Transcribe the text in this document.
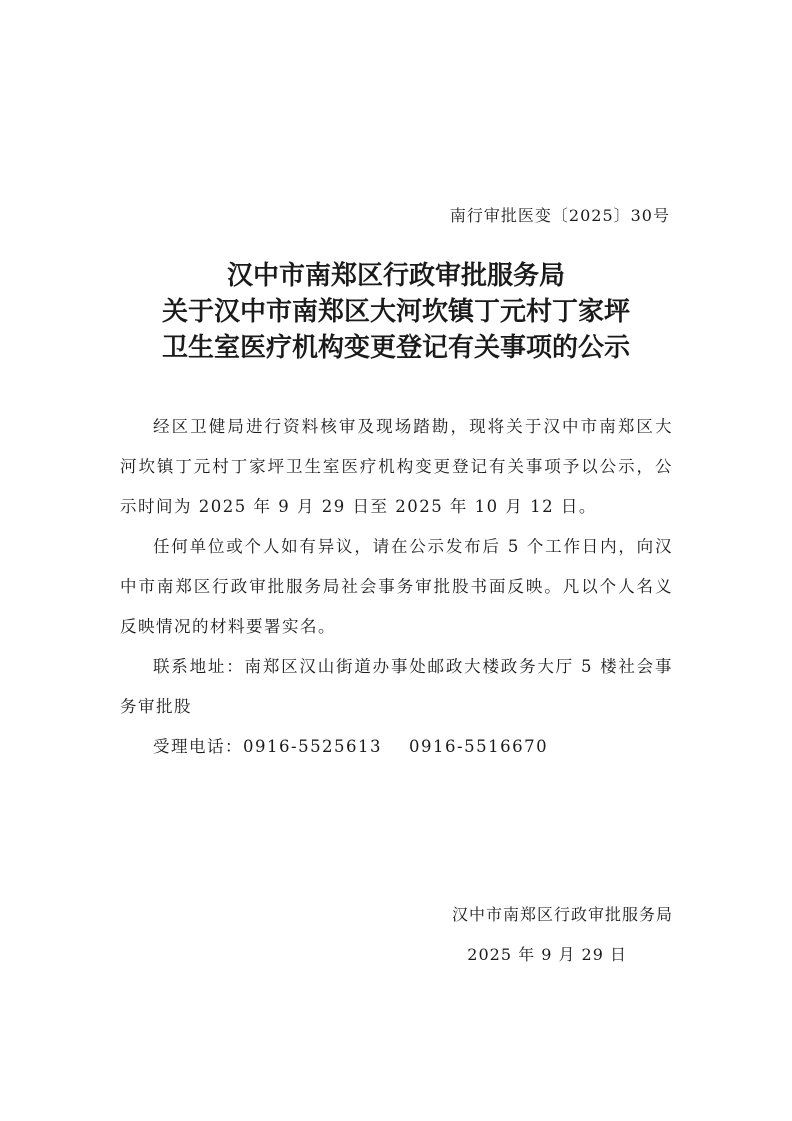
南行审批医变〔2025〕30号
汉中市南郑区行政审批服务局
关于汉中市南郑区大河坎镇丁元村丁家坪
卫生室医疗机构变更登记有关事项的公示

经区卫健局进行资料核审及现场踏勘，现将关于汉中市南郑区大河坎镇丁元村丁家坪卫生室医疗机构变更登记有关事项予以公示，公示时间为 2025 年 9 月 29 日至 2025 年 10 月 12 日。

任何单位或个人如有异议，请在公示发布后 5 个工作日内，向汉中市南郑区行政审批服务局社会事务审批股书面反映。凡以个人名义反映情况的材料要署实名。

联系地址：南郑区汉山街道办事处邮政大楼政务大厅 5 楼社会事务审批股

受理电话：0916-5525613    0916-5516670

汉中市南郑区行政审批服务局
2025 年 9 月 29 日
